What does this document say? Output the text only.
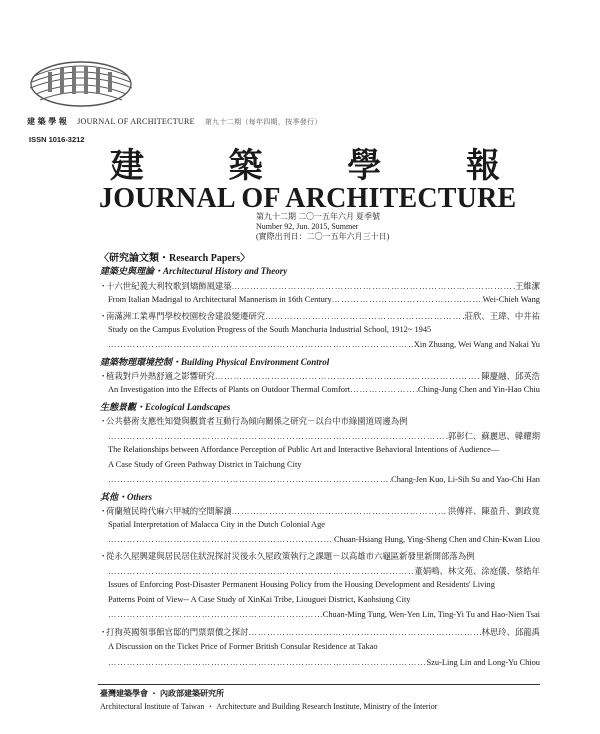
建 築 學 報 JOURNAL OF ARCHITECTURE 第九十二期（每年四期，按季發行）
ISSN 1016-3212
建 築 學 報
JOURNAL OF ARCHITECTURE
第九十二期 二〇一五年六月 夏季號
Number 92, Jun. 2015, Summer
(實際出刊日：二〇一五年六月三十日)
〈研究論文類・Research Papers〉
建築史與理論・Architectural History and Theory
・十六世紀義大利牧歌到矯飾風建築 ……………………………………………………………………………………………………………………………………………………………………………………	王維潔
From Italian Madrigal to Architectural Mannerism in 16th Century ……………………………………………………………………………………………………………………………………………………………………………………	Wei-Chieh Wang
・南滿洲工業專門學校校園校舍建設變遷研究 ……………………………………………………………………………………………………………………………………………………………………………………	莊欣、王瑋、中井祐
Study on the Campus Evolution Progress of the South Manchuria Industrial School, 1912~ 1945
……………………………………………………………………………………………………………………………………………………………………………………
Xin Zhuang, Wei Wang and Nakai Yu
建築物理環境控制・Building Physical Environment Control
・植栽對戶外熱舒適之影響研究 ……………………………………………………………………………………………………………………………………………………………………………………	陳慶融、邱英浩
An Investigation into the Effects of Plants on Outdoor Thermal Comfort ……………………………………………………………………………………………………………………………………………………………………………………	Ching-Jung Chen and Yin-Hao Chiu
生態景觀・Ecological Landscapes
・公共藝術支應性知覺與觀賞者互動行為傾向關係之研究－以台中市綠園道周邊為例
……………………………………………………………………………………………………………………………………………………………………………………
郭彰仁、蘇麗思、韓耀期
The Relationships between Affordance Perception of Public Art and Interactive Behavioral Intentions of Audience—
A Case Study of Green Pathway District in Taichung City
……………………………………………………………………………………………………………………………………………………………………………………
Chang-Jen Kuo, Li-Sih Su and Yao-Chi Han
其他・Others
・荷蘭殖民時代麻六甲城的空間解讀 ……………………………………………………………………………………………………………………………………………………………………………………	洪傳祥、陳盈升、劉政寬
Spatial Interpretation of Malacca City in the Dutch Colonial Age
……………………………………………………………………………………………………………………………………………………………………………………
Chuan-Hsiang Hung, Ying-Sheng Chen and Chin-Kwan Liou
・從永久屋興建與居民居住狀況探討災後永久屋政策執行之課題－以高雄市六龜區新發里新開部落為例
……………………………………………………………………………………………………………………………………………………………………………………
董娟鳴、林文苑、涂庭儀、蔡皓年
Issues of Enforcing Post-Disaster Permanent Housing Policy from the Housing Development and Residents' Living
Patterns Point of View-- A Case Study of XinKai Tribe, Liouguei District, Kaohsiung City
……………………………………………………………………………………………………………………………………………………………………………………
Chuan-Ming Tung, Wen-Yen Lin, Ting-Yi Tu and Hao-Nien Tsai
・打狗英國領事館官邸的門票票價之探討 ……………………………………………………………………………………………………………………………………………………………………………………	林思玲、邱龍禹
A Discussion on the Ticket Price of Former British Consular Residence at Takao
……………………………………………………………………………………………………………………………………………………………………………………
Szu-Ling Lin and Long-Yu Chiou
臺灣建築學會 ・ 內政部建築研究所
Architectural Institute of Taiwan ・ Architecture and Building Research Institute, Ministry of the Interior
